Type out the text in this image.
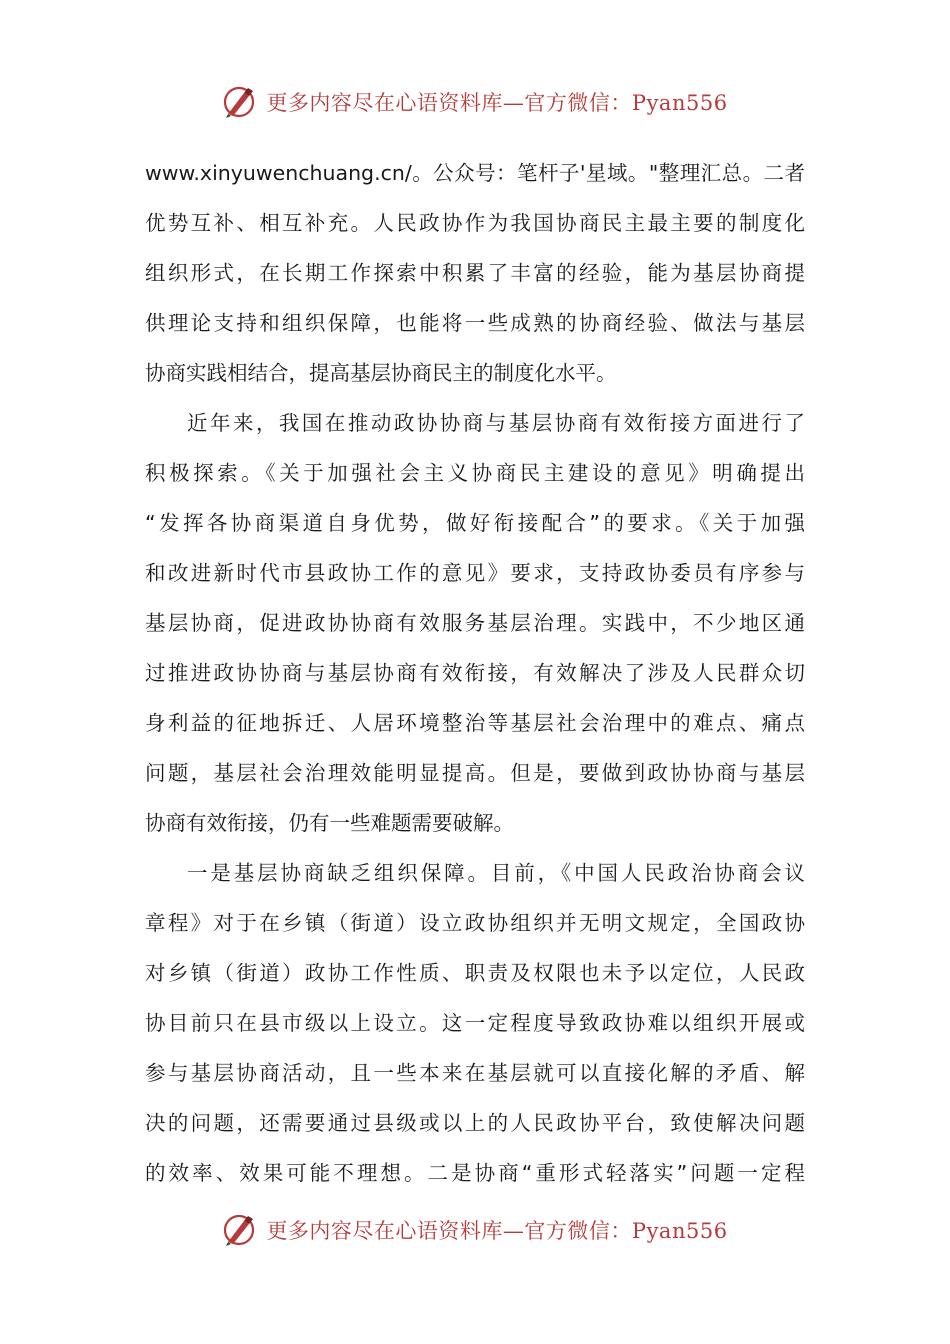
更多内容尽在心语资料库—官方微信：Pyan556
www.xinyuwenchuang.cn/。公众号：笔杆子'星域。"整理汇总。二者
优势互补、相互补充。人民政协作为我国协商民主最主要的制度化
组织形式，在长期工作探索中积累了丰富的经验，能为基层协商提
供理论支持和组织保障，也能将一些成熟的协商经验、做法与基层
协商实践相结合，提高基层协商民主的制度化水平。
近年来，我国在推动政协协商与基层协商有效衔接方面进行了
积极探索。《关于加强社会主义协商民主建设的意见》明确提出
“发挥各协商渠道自身优势，做好衔接配合”的要求。《关于加强
和改进新时代市县政协工作的意见》要求，支持政协委员有序参与
基层协商，促进政协协商有效服务基层治理。实践中，不少地区通
过推进政协协商与基层协商有效衔接，有效解决了涉及人民群众切
身利益的征地拆迁、人居环境整治等基层社会治理中的难点、痛点
问题，基层社会治理效能明显提高。但是，要做到政协协商与基层
协商有效衔接，仍有一些难题需要破解。
一是基层协商缺乏组织保障。目前，《中国人民政治协商会议
章程》对于在乡镇（街道）设立政协组织并无明文规定，全国政协
对乡镇（街道）政协工作性质、职责及权限也未予以定位，人民政
协目前只在县市级以上设立。这一定程度导致政协难以组织开展或
参与基层协商活动，且一些本来在基层就可以直接化解的矛盾、解
决的问题，还需要通过县级或以上的人民政协平台，致使解决问题
的效率、效果可能不理想。二是协商“重形式轻落实”问题一定程
更多内容尽在心语资料库—官方微信：Pyan556
